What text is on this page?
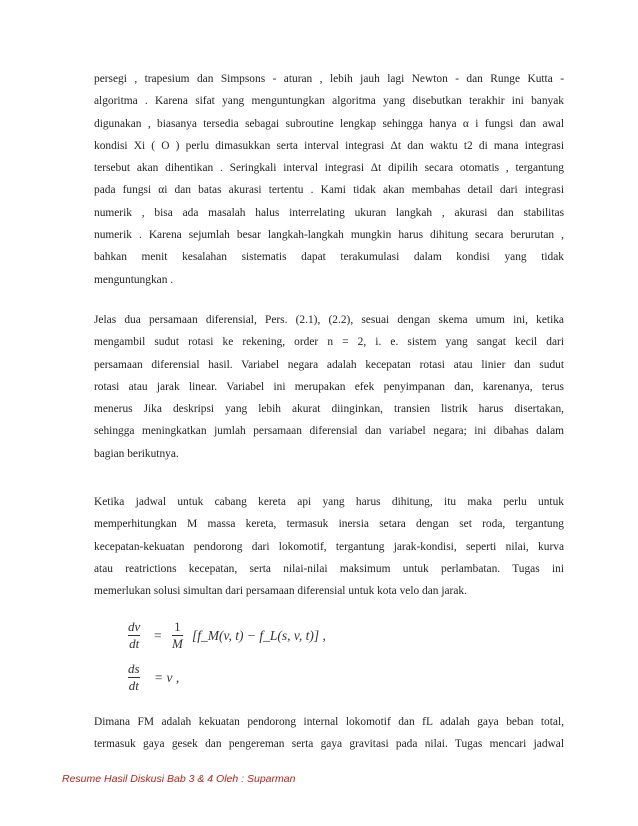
persegi , trapesium dan Simpsons - aturan , lebih jauh lagi Newton - dan Runge Kutta -
algoritma . Karena sifat yang menguntungkan algoritma yang disebutkan terakhir ini banyak
digunakan , biasanya tersedia sebagai subroutine lengkap sehingga hanya α i fungsi dan awal
kondisi Xi ( O ) perlu dimasukkan serta interval integrasi Δt dan waktu t2 di mana integrasi
tersebut akan dihentikan . Seringkali interval integrasi Δt dipilih secara otomatis , tergantung
pada fungsi αi dan batas akurasi tertentu . Kami tidak akan membahas detail dari integrasi
numerik , bisa ada masalah halus interrelating ukuran langkah , akurasi dan stabilitas
numerik . Karena sejumlah besar langkah-langkah mungkin harus dihitung secara berurutan ,
bahkan menit kesalahan sistematis dapat terakumulasi dalam kondisi yang tidak
menguntungkan .
Jelas dua persamaan diferensial, Pers. (2.1), (2.2), sesuai dengan skema umum ini, ketika
mengambil sudut rotasi ke rekening, order n = 2, i. e. sistem yang sangat kecil dari
persamaan diferensial hasil. Variabel negara adalah kecepatan rotasi atau linier dan sudut
rotasi atau jarak linear. Variabel ini merupakan efek penyimpanan dan, karenanya, terus
menerus Jika deskripsi yang lebih akurat diinginkan, transien listrik harus disertakan,
sehingga meningkatkan jumlah persamaan diferensial dan variabel negara; ini dibahas dalam
bagian berikutnya.
Ketika jadwal untuk cabang kereta api yang harus dihitung, itu maka perlu untuk
memperhitungkan M massa kereta, termasuk inersia setara dengan set roda, tergantung
kecepatan-kekuatan pendorong dari lokomotif, tergantung jarak-kondisi, seperti nilai, kurva
atau reatrictions kecepatan, serta nilai-nilai maksimum untuk perlambatan. Tugas ini
memerlukan solusi simultan dari persamaan diferensial untuk kota velo dan jarak.
dv
dt
=
1
M
[f_M(v, t) − f_L(s, v, t)] ,
ds
dt
= v ,
Dimana FM adalah kekuatan pendorong internal lokomotif dan fL adalah gaya beban total,
termasuk gaya gesek dan pengereman serta gaya gravitasi pada nilai. Tugas mencari jadwal
Resume Hasil Diskusi Bab 3 & 4 Oleh : Suparman
